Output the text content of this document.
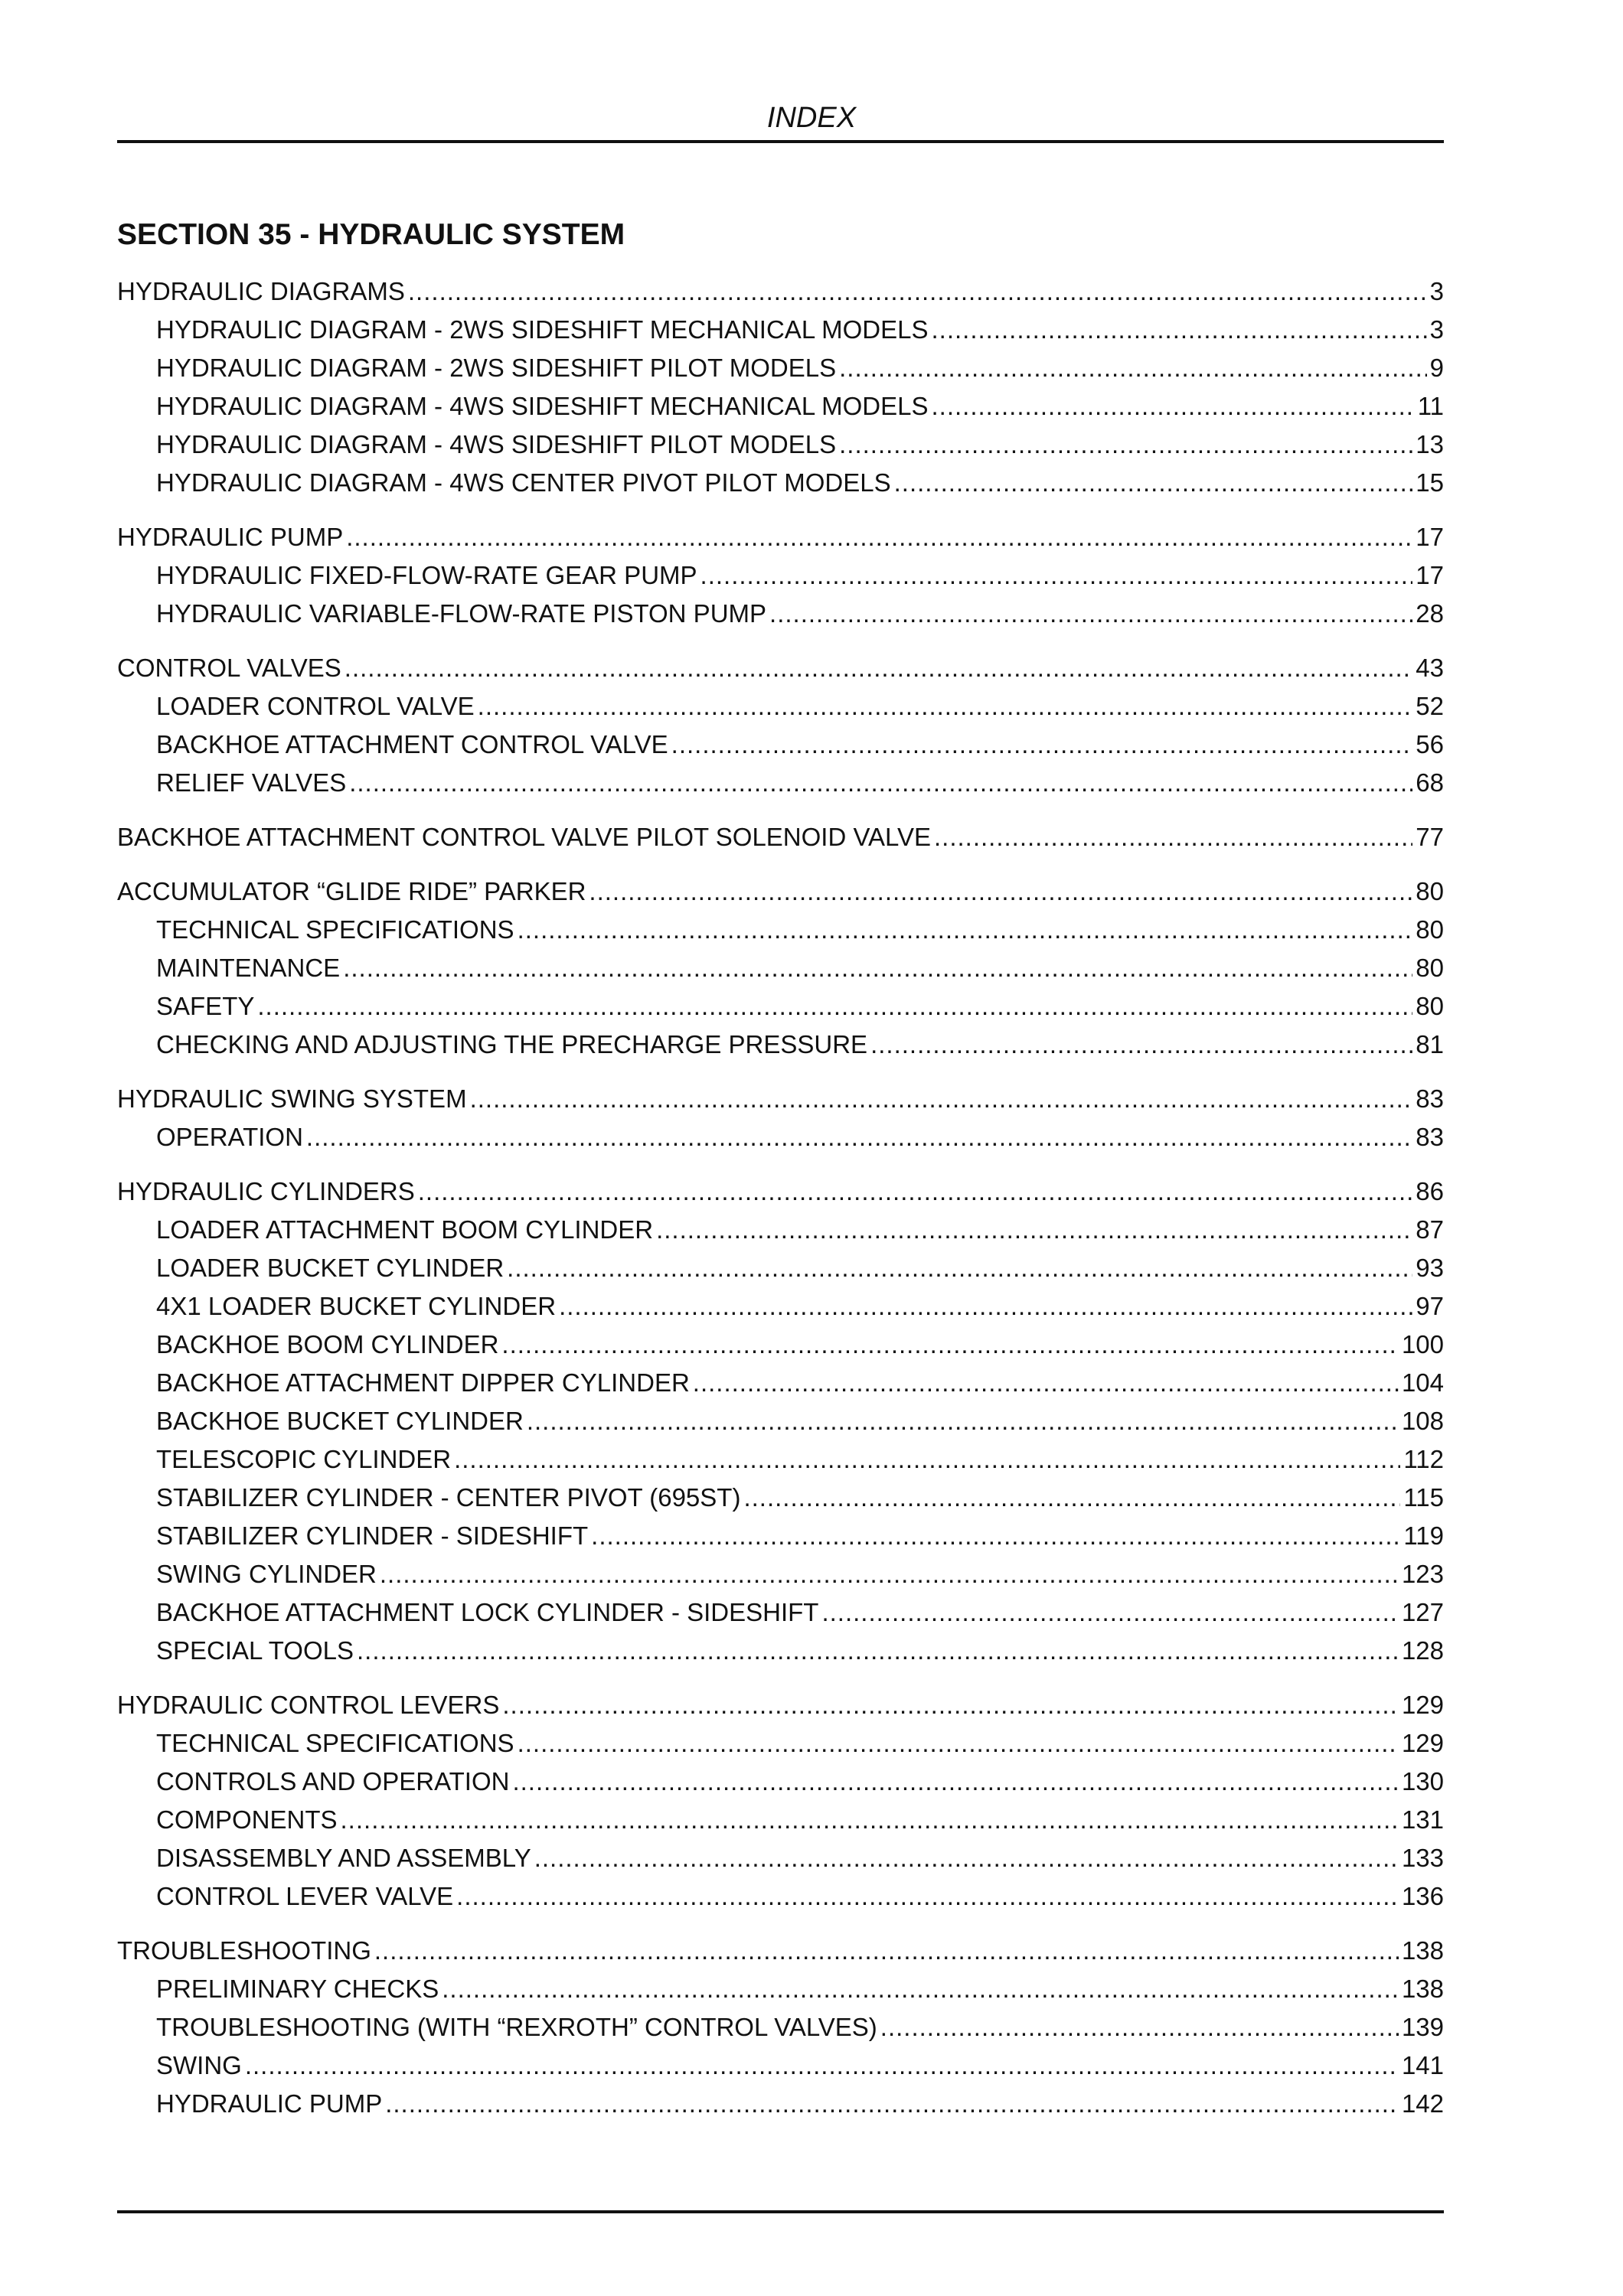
INDEX
SECTION 35 - HYDRAULIC SYSTEM
HYDRAULIC DIAGRAMS .....	3
HYDRAULIC DIAGRAM - 2WS SIDESHIFT MECHANICAL MODELS .....	3
HYDRAULIC DIAGRAM - 2WS SIDESHIFT PILOT MODELS .....	9
HYDRAULIC DIAGRAM - 4WS SIDESHIFT MECHANICAL MODELS .....	11
HYDRAULIC DIAGRAM - 4WS SIDESHIFT PILOT MODELS .....	13
HYDRAULIC DIAGRAM - 4WS CENTER PIVOT PILOT MODELS .....	15
HYDRAULIC PUMP .....	17
HYDRAULIC FIXED-FLOW-RATE GEAR PUMP .....	17
HYDRAULIC VARIABLE-FLOW-RATE PISTON PUMP .....	28
CONTROL VALVES .....	43
LOADER CONTROL VALVE .....	52
BACKHOE ATTACHMENT CONTROL VALVE .....	56
RELIEF VALVES .....	68
BACKHOE ATTACHMENT CONTROL VALVE PILOT SOLENOID VALVE .....	77
ACCUMULATOR “GLIDE RIDE” PARKER .....	80
TECHNICAL SPECIFICATIONS .....	80
MAINTENANCE .....	80
SAFETY .....	80
CHECKING AND ADJUSTING THE PRECHARGE PRESSURE .....	81
HYDRAULIC SWING SYSTEM .....	83
OPERATION .....	83
HYDRAULIC CYLINDERS .....	86
LOADER ATTACHMENT BOOM CYLINDER .....	87
LOADER BUCKET CYLINDER .....	93
4X1 LOADER BUCKET CYLINDER .....	97
BACKHOE BOOM CYLINDER .....	100
BACKHOE ATTACHMENT DIPPER CYLINDER .....	104
BACKHOE BUCKET CYLINDER .....	108
TELESCOPIC CYLINDER .....	112
STABILIZER CYLINDER - CENTER PIVOT (695ST) .....	115
STABILIZER CYLINDER - SIDESHIFT .....	119
SWING CYLINDER .....	123
BACKHOE ATTACHMENT LOCK CYLINDER - SIDESHIFT .....	127
SPECIAL TOOLS .....	128
HYDRAULIC CONTROL LEVERS .....	129
TECHNICAL SPECIFICATIONS .....	129
CONTROLS AND OPERATION .....	130
COMPONENTS .....	131
DISASSEMBLY AND ASSEMBLY .....	133
CONTROL LEVER VALVE .....	136
TROUBLESHOOTING .....	138
PRELIMINARY CHECKS .....	138
TROUBLESHOOTING (WITH “REXROTH” CONTROL VALVES) .....	139
SWING .....	141
HYDRAULIC PUMP .....	142
